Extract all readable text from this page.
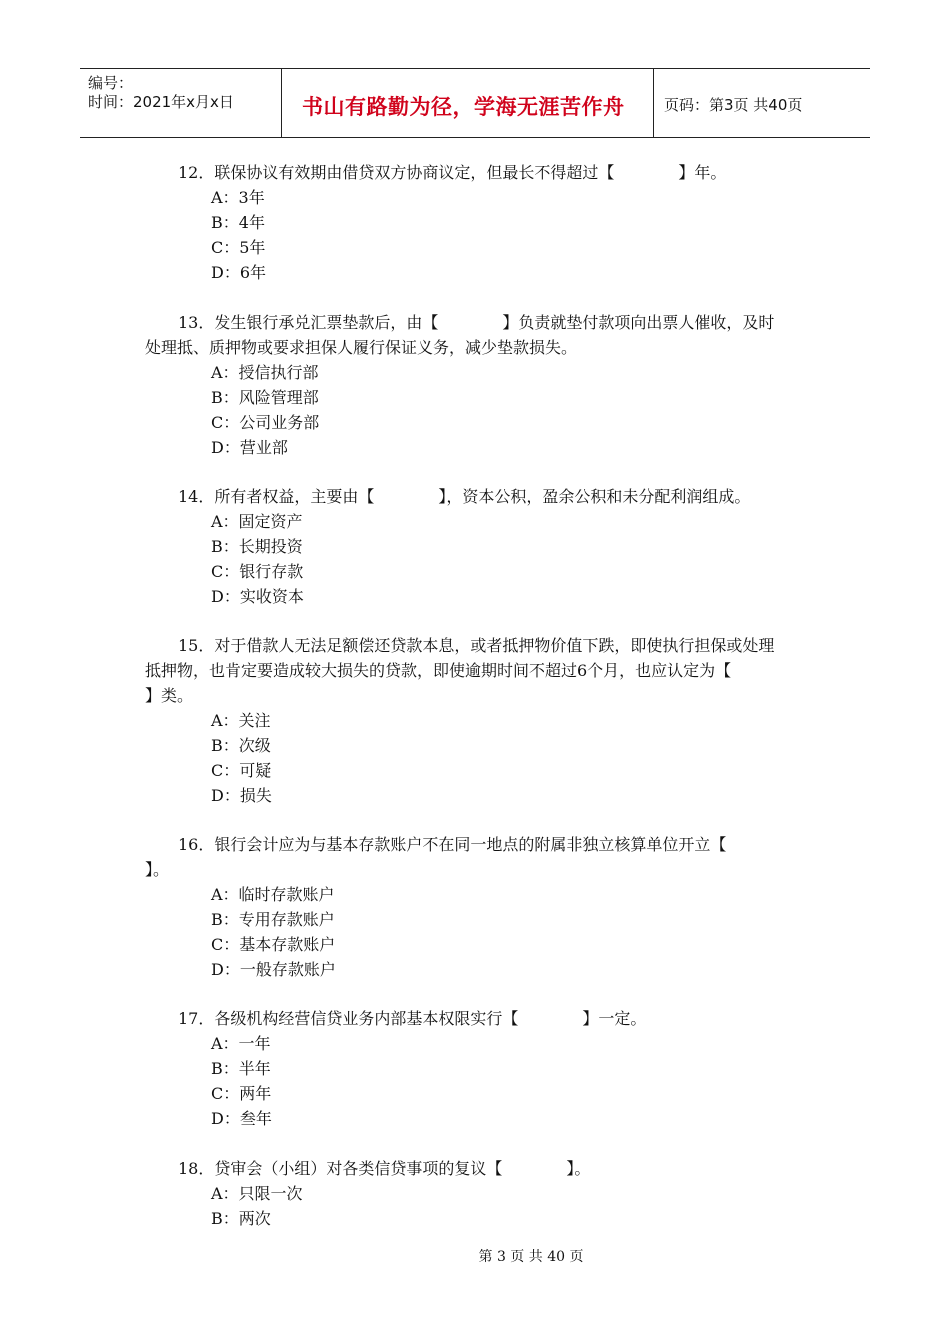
编号：
时间：2021年x月x日	书山有路勤为径，学海无涯苦作舟	页码：第3页 共40页
12．联保协议有效期由借贷双方协商议定，但最长不得超过【　　　　】年。
A：3年
B：4年
C：5年
D：6年
13．发生银行承兑汇票垫款后，由【　　　　】负责就垫付款项向出票人催收，及时
处理抵、质押物或要求担保人履行保证义务，减少垫款损失。
A：授信执行部
B：风险管理部
C：公司业务部
D：营业部
14．所有者权益，主要由【　　　　】，资本公积，盈余公积和未分配利润组成。
A：固定资产
B：长期投资
C：银行存款
D：实收资本
15．对于借款人无法足额偿还贷款本息，或者抵押物价值下跌，即使执行担保或处理
抵押物，也肯定要造成较大损失的贷款，即使逾期时间不超过6个月，也应认定为【
】类。
A：关注
B：次级
C：可疑
D：损失
16．银行会计应为与基本存款账户不在同一地点的附属非独立核算单位开立【
】。
A：临时存款账户
B：专用存款账户
C：基本存款账户
D：一般存款账户
17．各级机构经营信贷业务内部基本权限实行【　　　　】一定。
A：一年
B：半年
C：两年
D：叁年
18．贷审会（小组）对各类信贷事项的复议【　　　　】。
A：只限一次
B：两次
第 3 页 共 40 页
